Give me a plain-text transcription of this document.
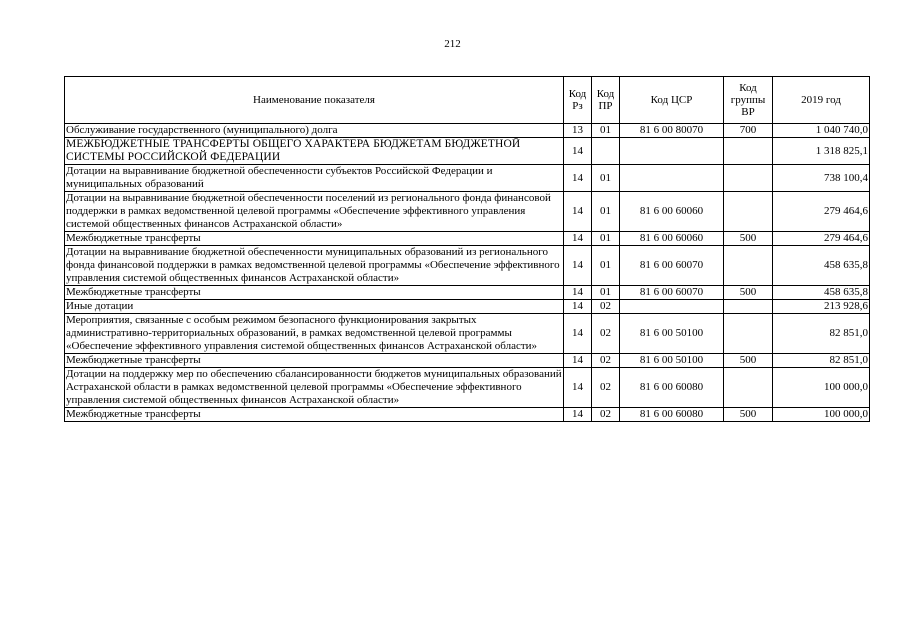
212
Наименование показателя	Код Рз	Код ПР	Код ЦСР	Код группы ВР	2019 год
Обслуживание государственного (муниципального) долга	13	01	81 6 00 80070	700	1 040 740,0
МЕЖБЮДЖЕТНЫЕ ТРАНСФЕРТЫ ОБЩЕГО ХАРАКТЕРА БЮДЖЕТАМ БЮДЖЕТНОЙ СИСТЕМЫ РОССИЙСКОЙ ФЕДЕРАЦИИ	14				1 318 825,1
Дотации на выравнивание бюджетной обеспеченности субъектов Российской Федерации и муниципальных образований	14	01			738 100,4
Дотации на выравнивание бюджетной обеспеченности поселений из регионального фонда финансовой поддержки в рамках ведомственной целевой программы «Обеспечение эффективного управления системой общественных финансов Астраханской области»	14	01	81 6 00 60060		279 464,6
Межбюджетные трансферты	14	01	81 6 00 60060	500	279 464,6
Дотации на выравнивание бюджетной обеспеченности муниципальных образований из регионального фонда финансовой поддержки в рамках ведомственной целевой программы «Обеспечение эффективного управления системой общественных финансов Астраханской области»	14	01	81 6 00 60070		458 635,8
Межбюджетные трансферты	14	01	81 6 00 60070	500	458 635,8
Иные дотации	14	02			213 928,6
Мероприятия, связанные с особым режимом безопасного функционирования закрытых административно-территориальных образований, в рамках ведомственной целевой программы «Обеспечение эффективного управления системой общественных финансов Астраханской области»	14	02	81 6 00 50100		82 851,0
Межбюджетные трансферты	14	02	81 6 00 50100	500	82 851,0
Дотации на поддержку мер по обеспечению сбалансированности бюджетов муниципальных образований Астраханской области в рамках ведомственной целевой программы «Обеспечение эффективного управления системой общественных финансов Астраханской области»	14	02	81 6 00 60080		100 000,0
Межбюджетные трансферты	14	02	81 6 00 60080	500	100 000,0
